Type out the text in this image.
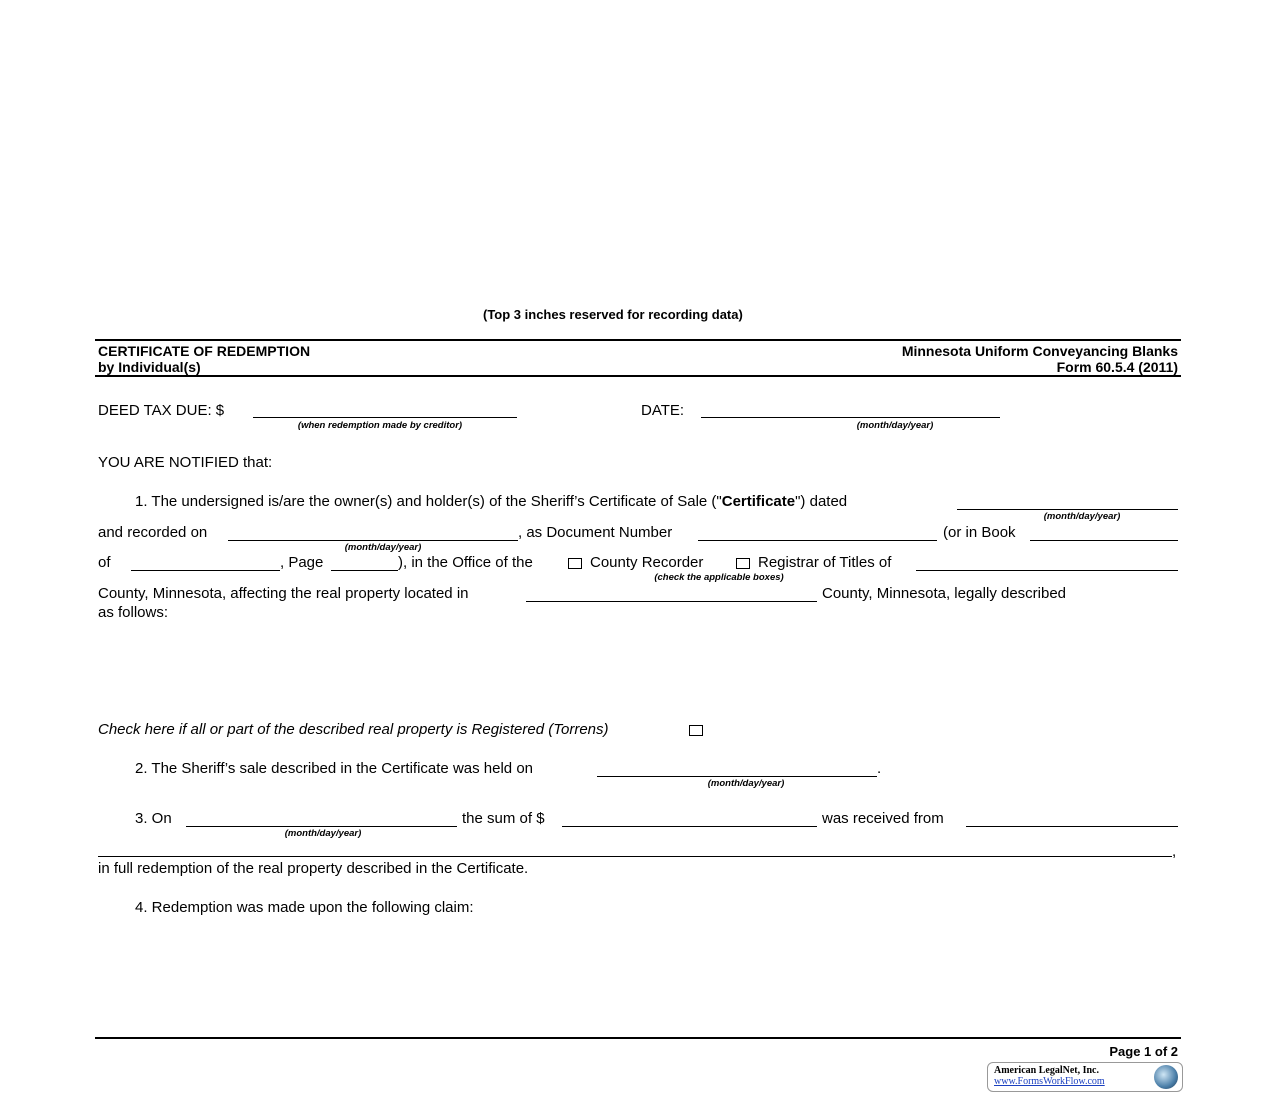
(Top 3 inches reserved for recording data)
CERTIFICATE OF REDEMPTION
by Individual(s)
Minnesota Uniform Conveyancing Blanks
Form 60.5.4 (2011)
DEED TAX DUE: $
(when redemption made by creditor)
DATE:
(month/day/year)
YOU ARE NOTIFIED that:
1. The undersigned is/are the owner(s) and holder(s) of the Sheriff’s Certificate of Sale ("Certificate") dated
(month/day/year)
and recorded on
(month/day/year)
, as Document Number	(or in Book
of	, Page	), in the Office of the	County Recorder	Registrar of Titles of
(check the applicable boxes)
County, Minnesota, affecting the real property located in	County, Minnesota, legally described
as follows:
Check here if all or part of the described real property is Registered (Torrens)
2. The Sheriff’s sale described in the Certificate was held on	.
(month/day/year)
3. On
(month/day/year)
the sum of $	was received from
,
in full redemption of the real property described in the Certificate.
4. Redemption was made upon the following claim:
Page 1 of 2
American LegalNet, Inc.
www.FormsWorkFlow.com
